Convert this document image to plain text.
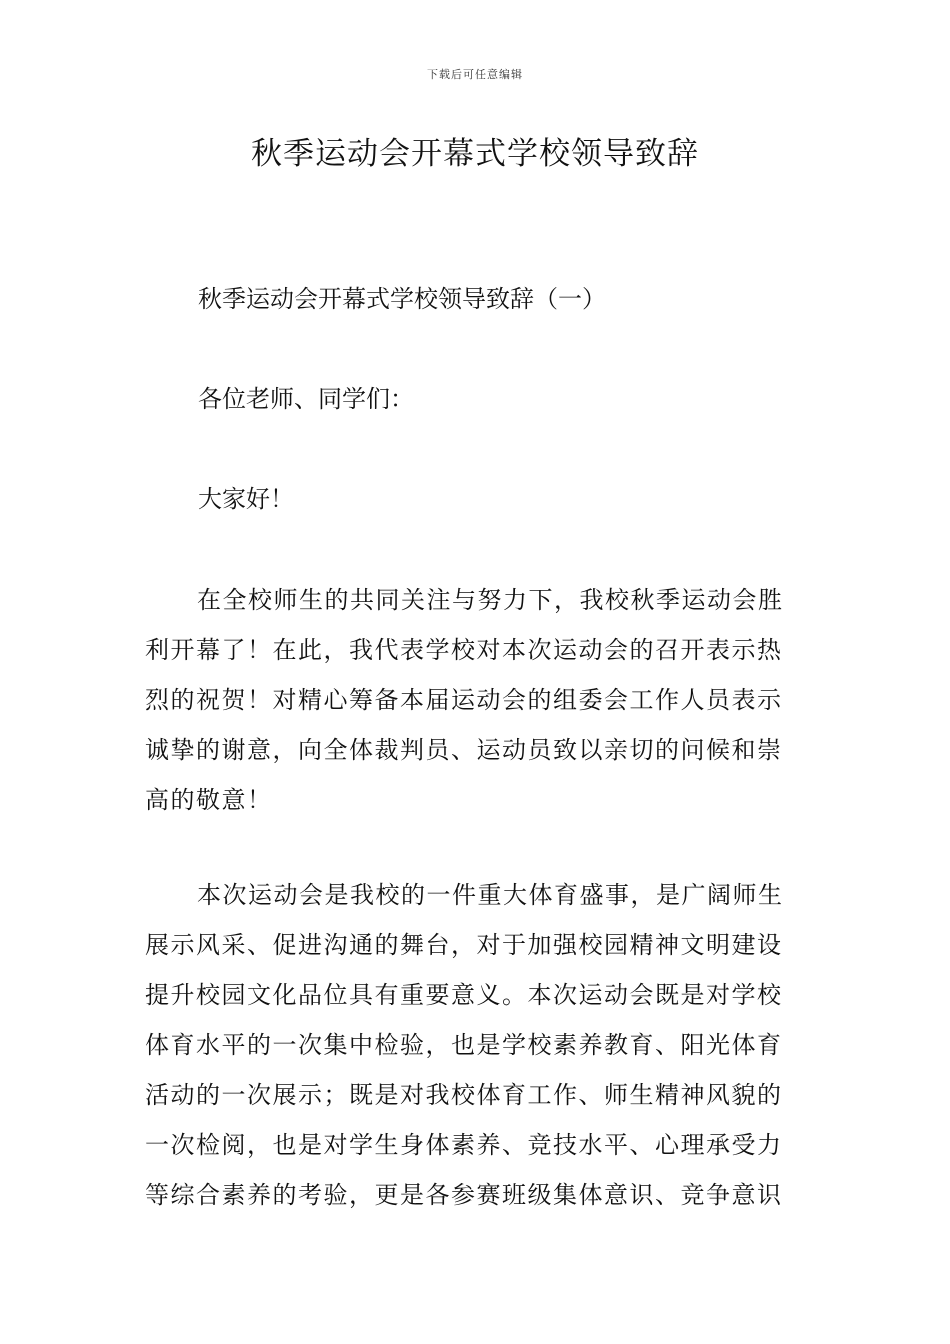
下载后可任意编辑
秋季运动会开幕式学校领导致辞
秋季运动会开幕式学校领导致辞（一）
各位老师、同学们：
大家好！
在全校师生的共同关注与努力下，我校秋季运动会胜
利开幕了！在此，我代表学校对本次运动会的召开表示热
烈的祝贺！对精心筹备本届运动会的组委会工作人员表示
诚挚的谢意，向全体裁判员、运动员致以亲切的问候和崇
高的敬意！
本次运动会是我校的一件重大体育盛事，是广阔师生
展示风采、促进沟通的舞台，对于加强校园精神文明建设
提升校园文化品位具有重要意义。本次运动会既是对学校
体育水平的一次集中检验，也是学校素养教育、阳光体育
活动的一次展示；既是对我校体育工作、师生精神风貌的
一次检阅，也是对学生身体素养、竞技水平、心理承受力
等综合素养的考验，更是各参赛班级集体意识、竞争意识
